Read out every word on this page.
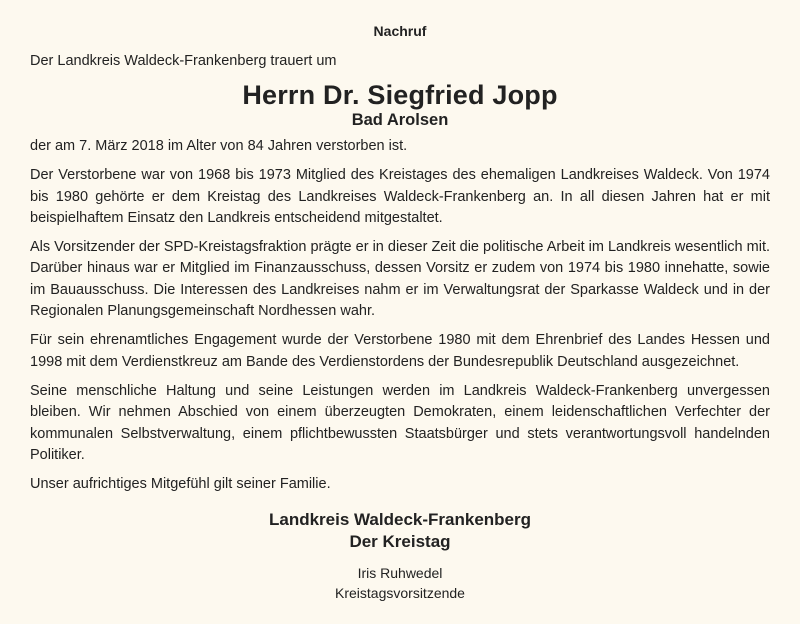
Nachruf
Der Landkreis Waldeck-Frankenberg trauert um
Herrn Dr. Siegfried Jopp
Bad Arolsen

der am 7. März 2018 im Alter von 84 Jahren verstorben ist.

Der Verstorbene war von 1968 bis 1973 Mitglied des Kreistages des ehemaligen Landkreises Waldeck. Von 1974 bis 1980 gehörte er dem Kreistag des Landkreises Waldeck-Frankenberg an. In all diesen Jahren hat er mit beispielhaftem Einsatz den Landkreis entscheidend mitgestaltet.

Als Vorsitzender der SPD-Kreistagsfraktion prägte er in dieser Zeit die politische Arbeit im Landkreis wesentlich mit. Darüber hinaus war er Mitglied im Finanzausschuss, dessen Vorsitz er zudem von 1974 bis 1980 innehatte, sowie im Bauausschuss. Die Interessen des Landkreises nahm er im Verwaltungsrat der Sparkasse Waldeck und in der Regionalen Planungsgemeinschaft Nordhessen wahr.

Für sein ehrenamtliches Engagement wurde der Verstorbene 1980 mit dem Ehrenbrief des Landes Hessen und 1998 mit dem Verdienstkreuz am Bande des Verdienstordens der Bundesrepublik Deutschland ausgezeichnet.

Seine menschliche Haltung und seine Leistungen werden im Landkreis Waldeck-Frankenberg unvergessen bleiben. Wir nehmen Abschied von einem überzeugten Demokraten, einem leidenschaftlichen Verfechter der kommunalen Selbstverwaltung, einem pflichtbewussten Staatsbürger und stets verantwortungsvoll handelnden Politiker.

Unser aufrichtiges Mitgefühl gilt seiner Familie.

Landkreis Waldeck-Frankenberg
Der Kreistag
Iris Ruhwedel
Kreistagsvorsitzende
